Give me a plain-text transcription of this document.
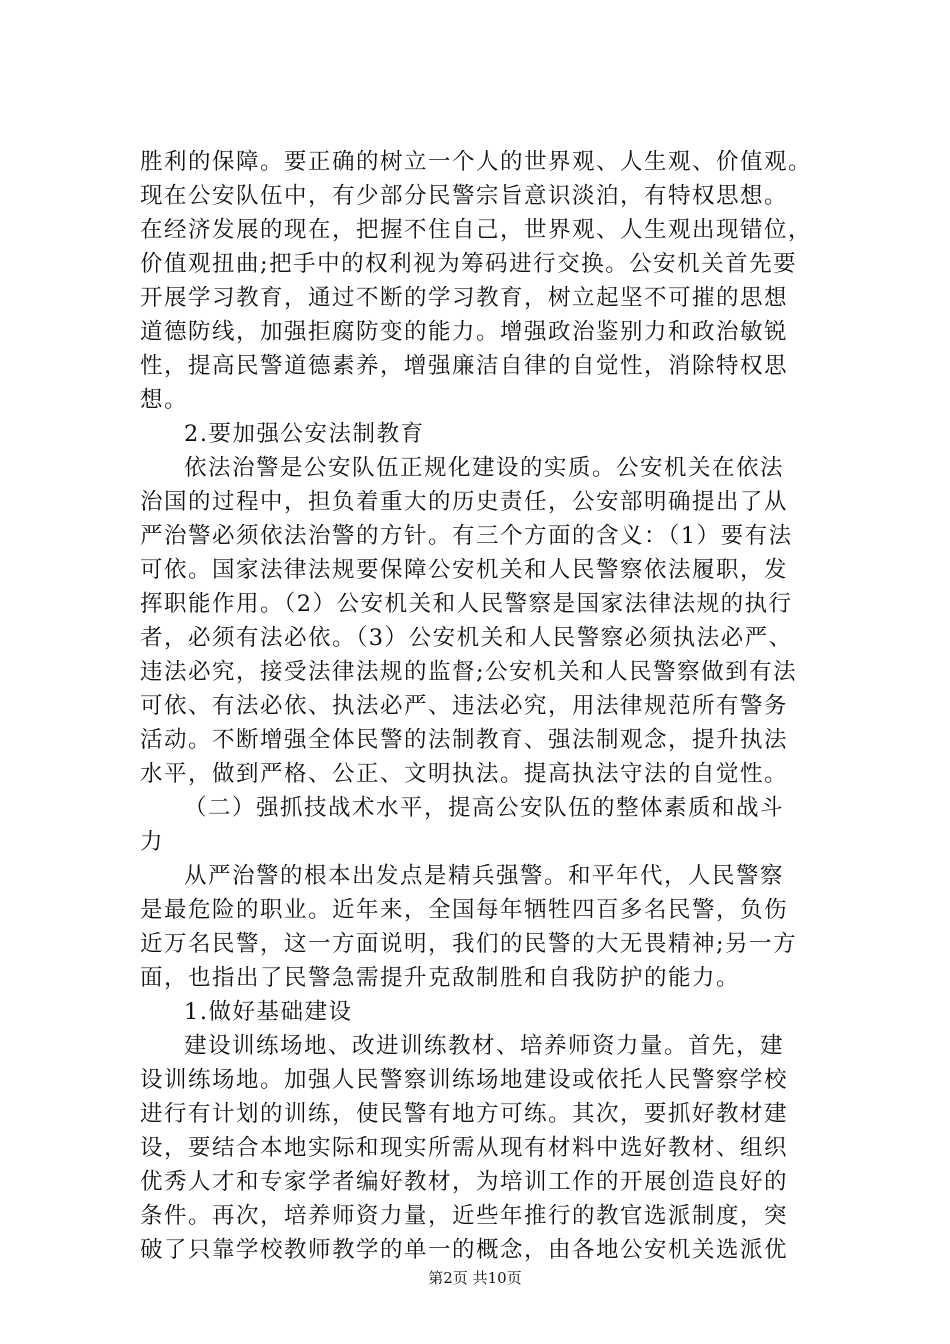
胜利的保障。要正确的树立一个人的世界观、人生观、价值观。
现在公安队伍中，有少部分民警宗旨意识淡泊，有特权思想。
在经济发展的现在，把握不住自己，世界观、人生观出现错位，
价值观扭曲;把手中的权利视为筹码进行交换。公安机关首先要
开展学习教育，通过不断的学习教育，树立起坚不可摧的思想
道德防线，加强拒腐防变的能力。增强政治鉴别力和政治敏锐
性，提高民警道德素养，增强廉洁自律的自觉性，消除特权思
想。
2.要加强公安法制教育
依法治警是公安队伍正规化建设的实质。公安机关在依法
治国的过程中，担负着重大的历史责任，公安部明确提出了从
严治警必须依法治警的方针。有三个方面的含义：（1）要有法
可依。国家法律法规要保障公安机关和人民警察依法履职，发
挥职能作用。（2）公安机关和人民警察是国家法律法规的执行
者，必须有法必依。（3）公安机关和人民警察必须执法必严、
违法必究，接受法律法规的监督;公安机关和人民警察做到有法
可依、有法必依、执法必严、违法必究，用法律规范所有警务
活动。不断增强全体民警的法制教育、强法制观念，提升执法
水平，做到严格、公正、文明执法。提高执法守法的自觉性。
（二）强抓技战术水平，提高公安队伍的整体素质和战斗
力
从严治警的根本出发点是精兵强警。和平年代，人民警察
是最危险的职业。近年来，全国每年牺牲四百多名民警，负伤
近万名民警，这一方面说明，我们的民警的大无畏精神;另一方
面，也指出了民警急需提升克敌制胜和自我防护的能力。
1.做好基础建设
建设训练场地、改进训练教材、培养师资力量。首先，建
设训练场地。加强人民警察训练场地建设或依托人民警察学校
进行有计划的训练，使民警有地方可练。其次，要抓好教材建
设，要结合本地实际和现实所需从现有材料中选好教材、组织
优秀人才和专家学者编好教材，为培训工作的开展创造良好的
条件。再次，培养师资力量，近些年推行的教官选派制度，突
破了只靠学校教师教学的单一的概念，由各地公安机关选派优
第2页 共10页
